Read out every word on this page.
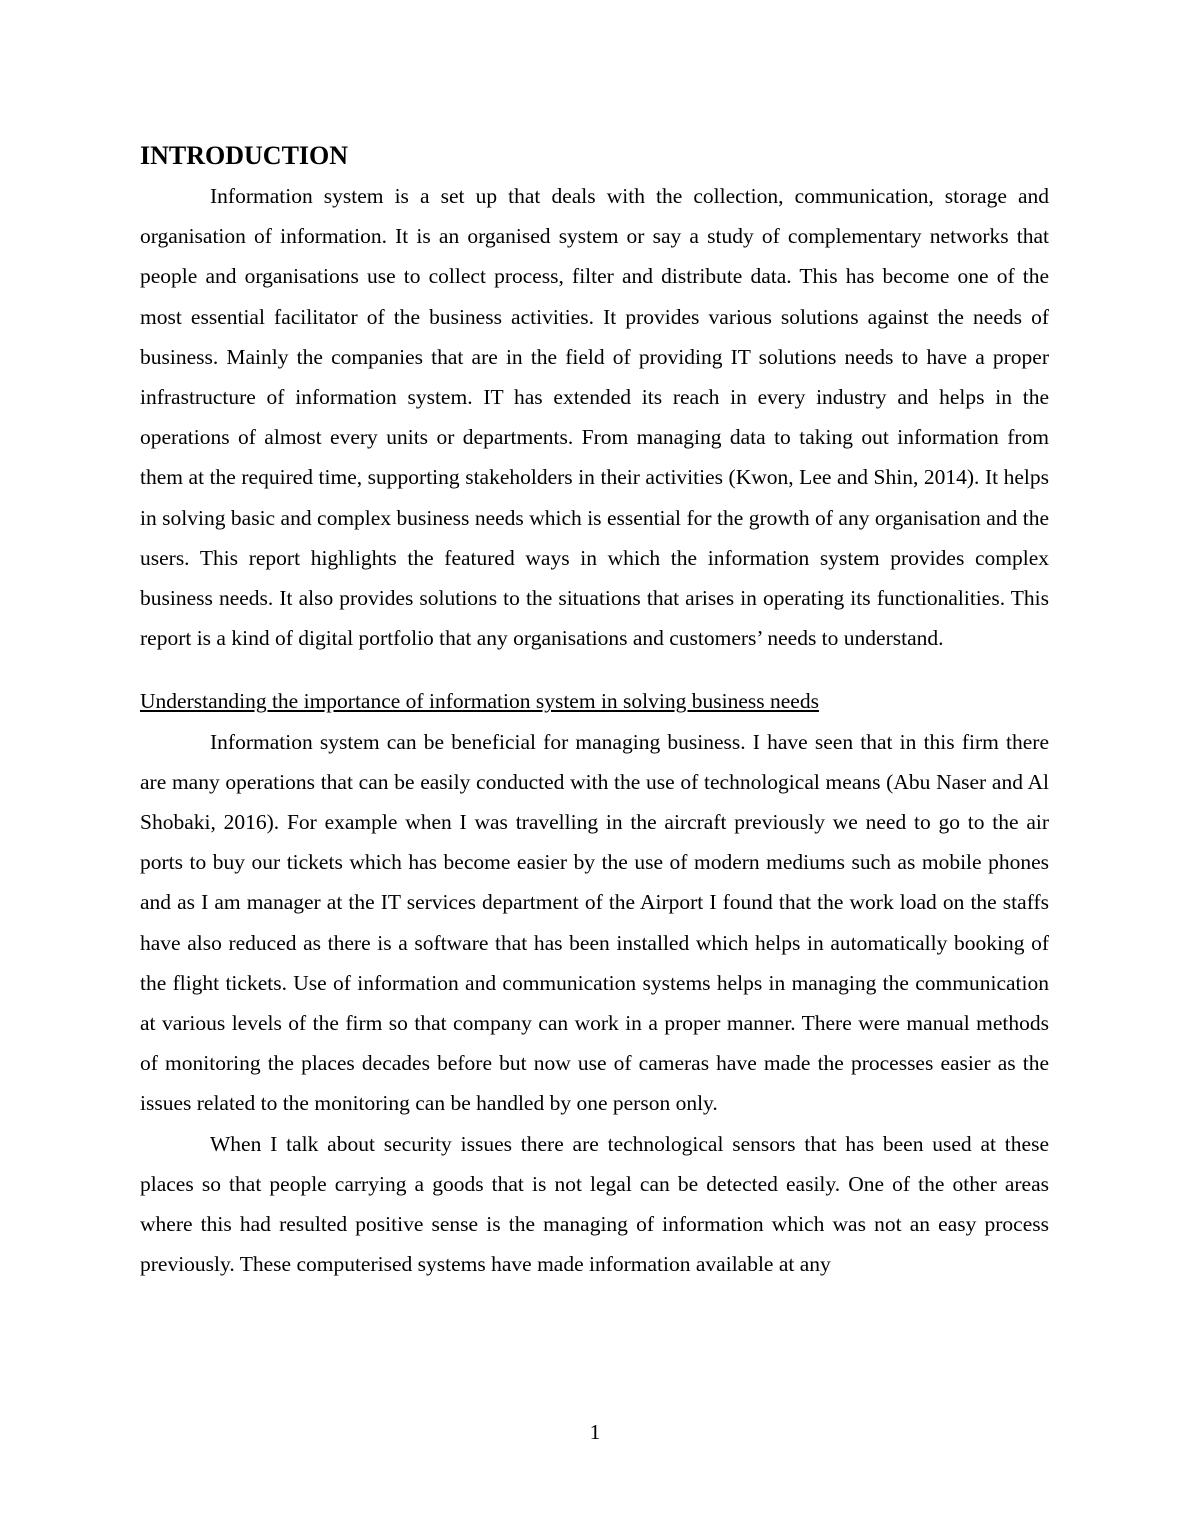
INTRODUCTION

Information system is a set up that deals with the collection, communication, storage and organisation of information. It is an organised system or say a study of complementary networks that people and organisations use to collect process, filter and distribute data. This has become one of the most essential facilitator of the business activities. It provides various solutions against the needs of business. Mainly the companies that are in the field of providing IT solutions needs to have a proper infrastructure of information system. IT has extended its reach in every industry and helps in the operations of almost every units or departments. From managing data to taking out information from them at the required time, supporting stakeholders in their activities (Kwon, Lee and Shin, 2014). It helps in solving basic and complex business needs which is essential for the growth of any organisation and the users. This report highlights the featured ways in which the information system provides complex business needs. It also provides solutions to the situations that arises in operating its functionalities. This report is a kind of digital portfolio that any organisations and customers’ needs to understand.

Understanding the importance of information system in solving business needs

Information system can be beneficial for managing business. I have seen that in this firm there are many operations that can be easily conducted with the use of technological means (Abu Naser and Al Shobaki, 2016). For example when I was travelling in the aircraft previously we need to go to the air ports to buy our tickets which has become easier by the use of modern mediums such as mobile phones and as I am manager at the IT services department of the Airport I found that the work load on the staffs have also reduced as there is a software that has been installed which helps in automatically booking of the flight tickets. Use of information and communication systems helps in managing the communication at various levels of the firm so that company can work in a proper manner. There were manual methods of monitoring the places decades before but now use of cameras have made the processes easier as the issues related to the monitoring can be handled by one person only.

When I talk about security issues there are technological sensors that has been used at these places so that people carrying a goods that is not legal can be detected easily. One of the other areas where this had resulted positive sense is the managing of information which was not an easy process previously. These computerised systems have made information available at any

1
